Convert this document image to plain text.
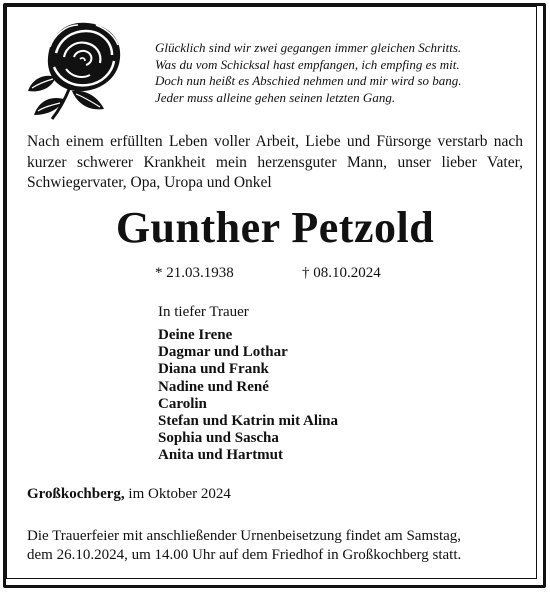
Glücklich sind wir zwei gegangen immer gleichen Schritts.
Was du vom Schicksal hast empfangen, ich empfing es mit.
Doch nun heißt es Abschied nehmen und mir wird so bang.
Jeder muss alleine gehen seinen letzten Gang.
Nach einem erfüllten Leben voller Arbeit, Liebe und Fürsorge verstarb nach kurzer schwerer Krankheit mein herzensguter Mann, unser lieber Vater, Schwiegervater, Opa, Uropa und Onkel
Gunther Petzold
* 21.03.1938	† 08.10.2024
In tiefer Trauer
Deine Irene
Dagmar und Lothar
Diana und Frank
Nadine und René
Carolin
Stefan und Katrin mit Alina
Sophia und Sascha
Anita und Hartmut
Großkochberg, im Oktober 2024
Die Trauerfeier mit anschließender Urnenbeisetzung findet am Samstag,
dem 26.10.2024, um 14.00 Uhr auf dem Friedhof in Großkochberg statt.
